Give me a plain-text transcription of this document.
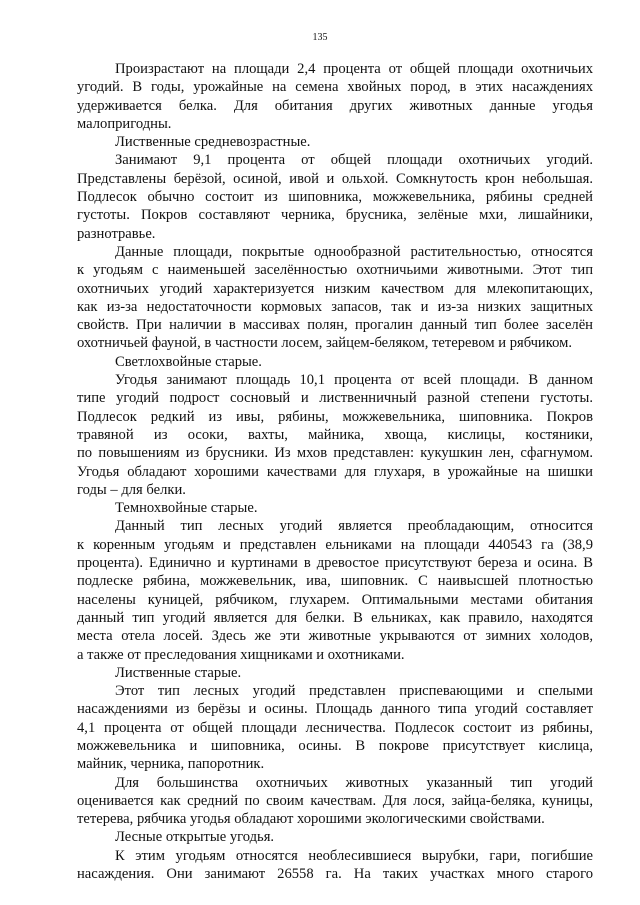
135
Произрастают на площади 2,4 процента от общей площади охотничьих
угодий. В годы, урожайные на семена хвойных пород, в этих насаждениях
удерживается белка. Для обитания других животных данные угодья
малопригодны.
Лиственные средневозрастные.
Занимают 9,1 процента от общей площади охотничьих угодий.
Представлены берёзой, осиной, ивой и ольхой. Сомкнутость крон небольшая.
Подлесок обычно состоит из шиповника, можжевельника, рябины средней
густоты. Покров составляют черника, брусника, зелёные мхи, лишайники,
разнотравье.
Данные площади, покрытые однообразной растительностью, относятся
к угодьям с наименьшей заселённостью охотничьими животными. Этот тип
охотничьих угодий характеризуется низким качеством для млекопитающих,
как из-за недостаточности кормовых запасов, так и из-за низких защитных
свойств. При наличии в массивах полян, прогалин данный тип более заселён
охотничьей фауной, в частности лосем, зайцем-беляком, тетеревом и рябчиком.
Светлохвойные старые.
Угодья занимают площадь 10,1 процента от всей площади. В данном
типе угодий подрост сосновый и лиственничный разной степени густоты.
Подлесок редкий из ивы, рябины, можжевельника, шиповника. Покров
травяной из осоки, вахты, майника, хвоща, кислицы, костяники,
по повышениям из брусники. Из мхов представлен: кукушкин лен, сфагнумом.
Угодья обладают хорошими качествами для глухаря, в урожайные на шишки
годы – для белки.
Темнохвойные старые.
Данный тип лесных угодий является преобладающим, относится
к коренным угодьям и представлен ельниками на площади 440543 га (38,9
процента). Единично и куртинами в древостое присутствуют береза и осина. В
подлеске рябина, можжевельник, ива, шиповник. С наивысшей плотностью
населены куницей, рябчиком, глухарем. Оптимальными местами обитания
данный тип угодий является для белки. В ельниках, как правило, находятся
места отела лосей. Здесь же эти животные укрываются от зимних холодов,
а также от преследования хищниками и охотниками.
Лиственные старые.
Этот тип лесных угодий представлен приспевающими и спелыми
насаждениями из берёзы и осины. Площадь данного типа угодий составляет
4,1 процента от общей площади лесничества. Подлесок состоит из рябины,
можжевельника и шиповника, осины. В покрове присутствует кислица,
майник, черника, папоротник.
Для большинства охотничьих животных указанный тип угодий
оценивается как средний по своим качествам. Для лося, зайца-беляка, куницы,
тетерева, рябчика угодья обладают хорошими экологическими свойствами.
Лесные открытые угодья.
К этим угодьям относятся необлесившиеся вырубки, гари, погибшие
насаждения. Они занимают 26558 га. На таких участках много старого
